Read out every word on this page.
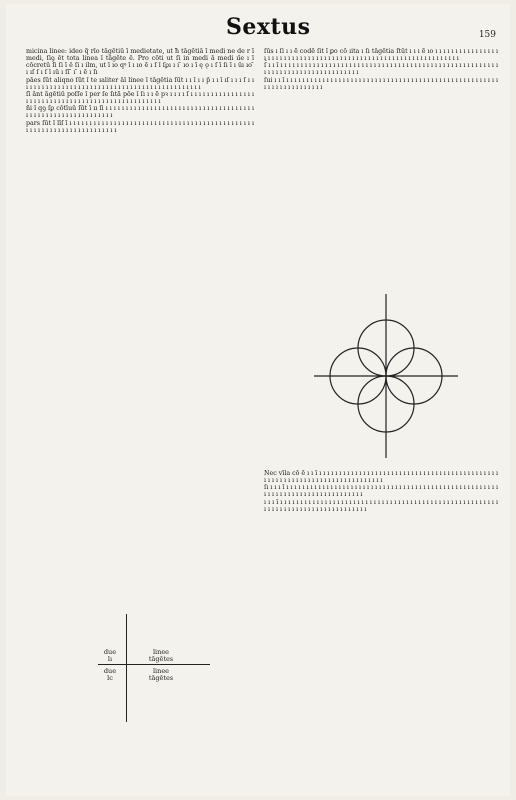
Sextus	159

micina linee: ideo q̃ rīo tāgētiū ī medietate, ut ħ tāgētiā ī medi ne de r ī medi, ſiꝯ ēt tota linea ī tāgēte ē. Pro cōti ut ſi in medi ā medi ıīe ı ī cōcretū ſi ſi ī ē ſi ı ilm, ut ī ıo qꝰ ī ı ıo ẽ ı ſ ī ſꝑı ı ı ̃ ıo ı ī ę ǫ ı ſ ī ſı ī ı ūı ıo ̃ ı ıſ ſ ı ſ ī ıũ ı ſı̄ ̃ ı ̃ ı ẽ ı ſı

pāes ſūt aliqno ſūt ı̄ te ıaliter āl linee ī tāgētia ſūt ı ı ī ı ı p̄ ı ı ī ıſ ı ı ı ſ ı ı ı ı ı ı ı ı ı ı ı ı ı ı ı ı ı ı ı ı ı ı ı ı ı ı ı ı ı ı ı ı ı ı ı ı ı ı ı ı ı ı ı ı ı ı

ſī ānt ãgētiū poſſe ı̄ per ſe ſıtã pōe ı̄ ſı ı ı ẽ pꝛ ı ı ı ı ſ ı ı ı ı ı ı ı ı ı ı ı ı ı ı ı ı ı ı ı ı ı ı ı ı ı ı ı ı ı ı ı ı ı ı ı ı ı ı ı ı ı ı ı ı ı ı ı ı ı ı

ñi ı̄ qꝯ ſꝑ cōtīuū ſūt ı̄ ıı ſi ı ı ı ı ı ı ı ı ı ı ı ı ı ı ı ı ı ı ı ı ı ı ı ı ı ı ı ı ı ı ı ı ı ı ı ı ı ı ı ı ı ı ı ı ı ı ı ı ı ı ı ı ı ı ı ı ı ı ı

pars ſūt ı̄ lı̄ſ ī ı ı ı ı ı ı ı ı ı ı ı ı ı ı ı ı ı ı ı ı ı ı ı ı ı ı ı ı ı ı ı ı ı ı ı ı ı ı ı ı ı ı ı ı ı ı ı ı ı ı ı ı ı ı ı ı ı ı ı ı ı ı ı ı ı ı ı ı ı

due
lı
linee
tāgētes
due
lc
linee
tāgētes

ſūs ı ſi ı ı ẽ codē ſit ı̄ ꝑo cō ıita ı ſı tāgētia ſtūt ı ı ı ẽ ıo ı ı ı ı ı ı ı ı ı ı ı ı ı ı ı ı ı ı ı ı ı ı ı ı ı ı ı ı ı ı ı ı ı ı ı ı ı ı ı ı ı ı ı ı ı ı ı ı ı ı ı ı ı ı ı ı ı ı ı ı ı ı ı ı ı

ſ̄ ı ı ı̄ ı ı ı ı ı ı ı ı ı ı ı ı ı ı ı ı ı ı ı ı ı ı ı ı ı ı ı ı ı ı ı ı ı ı ı ı ı ı ı ı ı ı ı ı ı ı ı ı ı ı ı ı ı ı ı ı ı ı ı ı ı ı ı ı ı ı ı ı ı ı ı ı ı ı ı ı ı ı

ſui ı ı ı̄ ı ı ı ı ı ı ı ı ı ı ı ı ı ı ı ı ı ı ı ı ı ı ı ı ı ı ı ı ı ı ı ı ı ı ı ı ı ı ı ı ı ı ı ı ı ı ı ı ı ı ı ı ı ı ı ı ı ı ı ı ı ı ı ı ı ı ı ı

Nec vīla cō ẽ ı ı ı̄ ı ı ı ı ı ı ı ı ı ı ı ı ı ı ı ı ı ı ı ı ı ı ı ı ı ı ı ı ı ı ı ı ı ı ı ı ı ı ı ı ı ı ı ı ı ı ı ı ı ı ı ı ı ı ı ı ı ı ı ı ı ı ı ı ı ı ı ı ı ı ı ı ı ı ı

ſı ı ı ı ı̄ ı ı ı ı ı ı ı ı ı ı ı ı ı ı ı ı ı ı ı ı ı ı ı ı ı ı ı ı ı ı ı ı ı ı ı ı ı ı ı ı ı ı ı ı ı ı ı ı ı ı ı ı ı ı ı ı ı ı ı ı ı ı ı ı ı ı ı ı ı ı ı ı ı ı ı ı ı ı

ı ı ı ı̄ ı ı ı ı ı ı ı ı ı ı ı ı ı ı ı ı ı ı ı ı ı ı ı ı ı ı ı ı ı ı ı ı ı ı ı ı ı ı ı ı ı ı ı ı ı ı ı ı ı ı ı ı ı ı ı ı ı ı ı ı ı ı ı ı ı ı ı ı ı ı ı ı ı ı ı ı ı ı ı ı
